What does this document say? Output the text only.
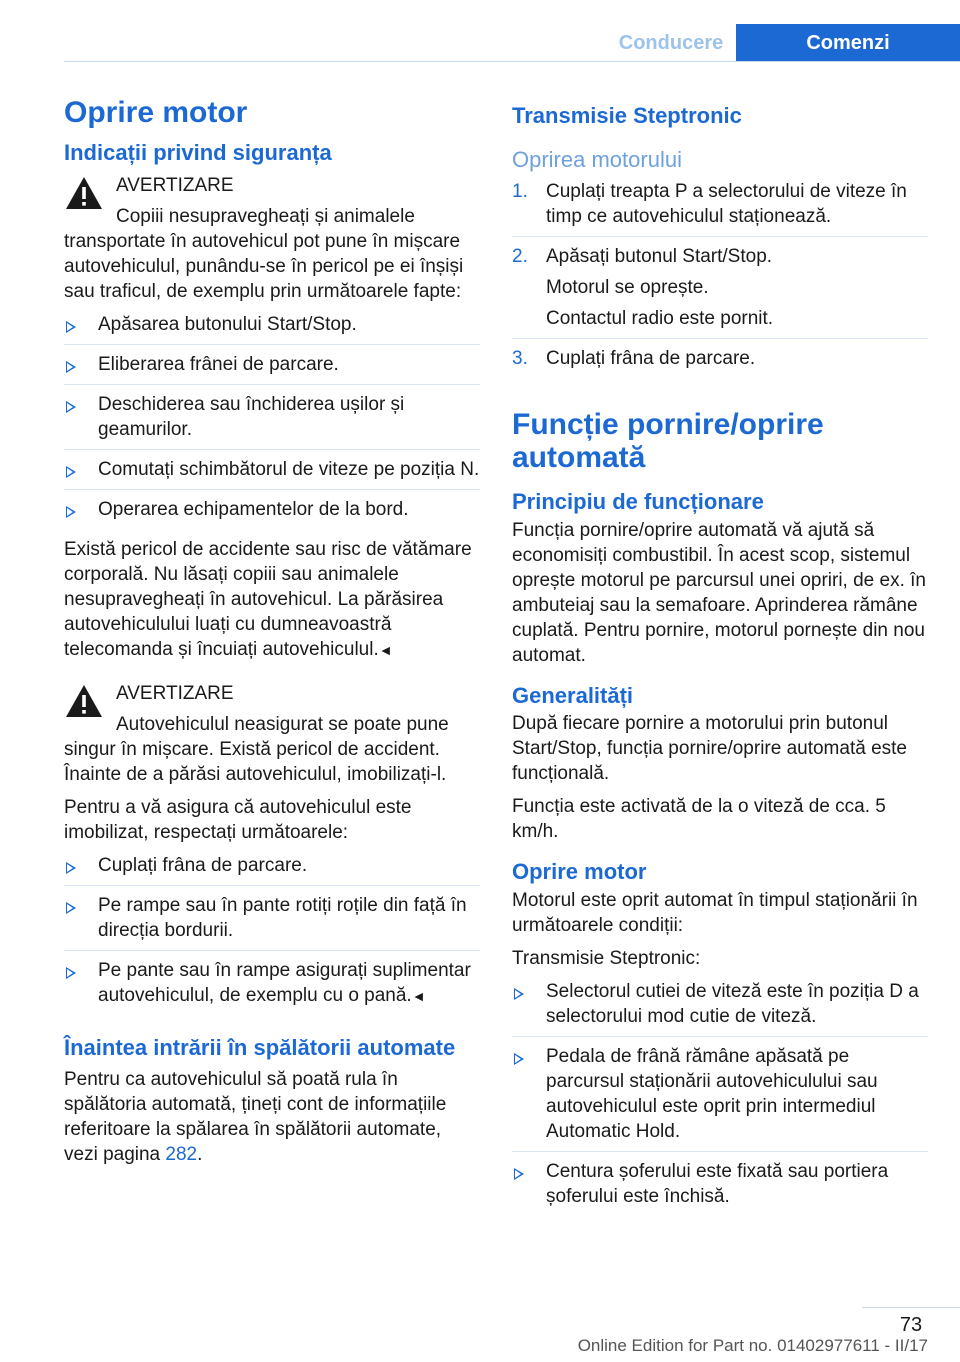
Conducere	Comenzi
Oprire motor
Indicații privind siguranța
AVERTIZARE

Copiii nesupravegheați și animalele transportate în autovehicul pot pune în mișcare autovehiculul, punându-se în pericol pe ei înșiși sau traficul, de exemplu prin următoarele fapte:

Apăsarea butonului Start/Stop.
Eliberarea frânei de parcare.
Deschiderea sau închiderea ușilor și geamurilor.
Comutați schimbătorul de viteze pe poziția N.
Operarea echipamentelor de la bord.

Există pericol de accidente sau risc de vătămare corporală. Nu lăsați copiii sau animalele nesupravegheați în autovehicul. La părăsirea autovehiculului luați cu dumneavoastră telecomanda și încuiați autovehiculul.◄

AVERTIZARE

Autovehiculul neasigurat se poate pune singur în mișcare. Există pericol de accident. Înainte de a părăsi autovehiculul, imobilizați-l.

Pentru a vă asigura că autovehiculul este imobilizat, respectați următoarele:

Cuplați frâna de parcare.
Pe rampe sau în pante rotiți roțile din față în direcția bordurii.
Pe pante sau în rampe asigurați suplimentar autovehiculul, de exemplu cu o pană.◄
Înaintea intrării în spălătorii automate

Pentru ca autovehiculul să poată rula în spălătoria automată, țineți cont de informațiile referitoare la spălarea în spălătorii automate, vezi pagina 282.

Transmisie Steptronic
Oprirea motorului
1. Cuplați treapta P a selectorului de viteze în timp ce autovehiculul staționează.
2. Apăsați butonul Start/Stop.
Motorul se oprește.
Contactul radio este pornit.
3. Cuplați frâna de parcare.
Funcție pornire/oprire automată
Principiu de funcționare

Funcția pornire/oprire automată vă ajută să economisiți combustibil. În acest scop, sistemul oprește motorul pe parcursul unei opriri, de ex. în ambuteiaj sau la semafoare. Aprinderea rămâne cuplată. Pentru pornire, motorul pornește din nou automat.

Generalități

După fiecare pornire a motorului prin butonul Start/Stop, funcția pornire/oprire automată este funcțională.

Funcția este activată de la o viteză de cca. 5 km/h.

Oprire motor

Motorul este oprit automat în timpul staționării în următoarele condiții:

Transmisie Steptronic:

Selectorul cutiei de viteză este în poziția D a selectorului mod cutie de viteză.
Pedala de frână rămâne apăsată pe parcursul staționării autovehiculului sau autovehiculul este oprit prin intermediul Automatic Hold.
Centura șoferului este fixată sau portiera șoferului este închisă.
73
Online Edition for Part no. 01402977611 - II/17
